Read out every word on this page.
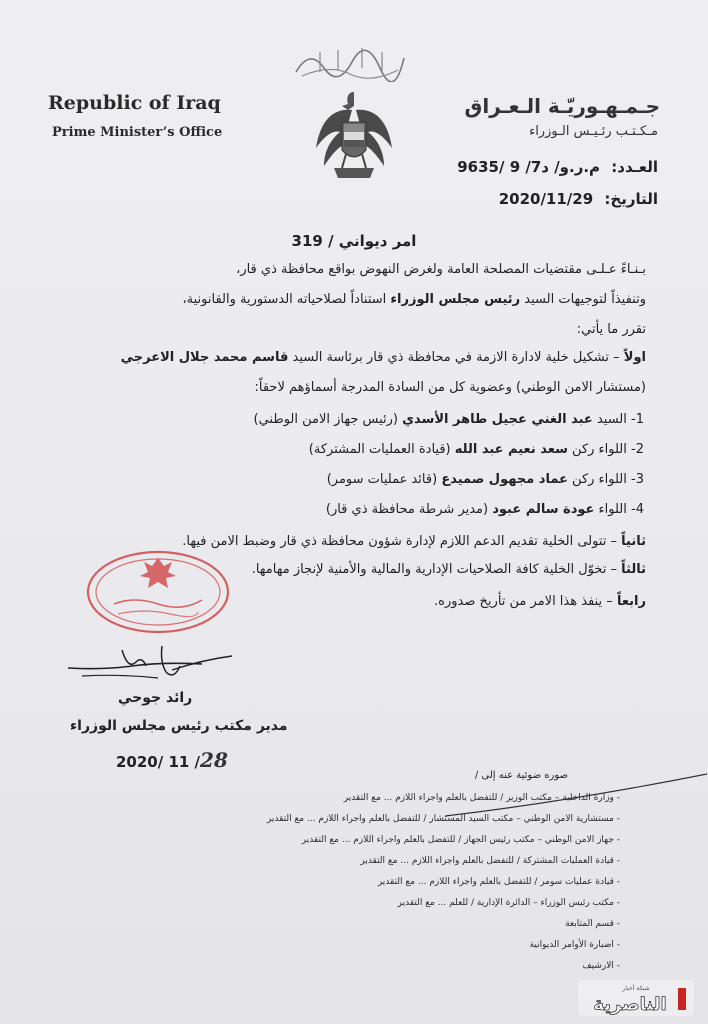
Republic of Iraq
Prime Minister’s Office
جـمـهـوريّـة الـعـراق
مـكـتـب رئـيـس الـوزراء
العـدد: م.ر.و/ د7/ 9 /9635
التاريخ: 2020/11/29
امر ديواني / 319
بـنـاءً عـلـى مقتضيات المصلحة العامة ولغرض النهوض بواقع محافظة ذي قار،
وتنفيذاً لتوجيهات السيد رئيس مجلس الوزراء استناداً لصلاحياته الدستورية والقانونية،
تقرر ما يأتي:
اولاً – تشكيل خلية لادارة الازمة في محافظة ذي قار برئاسة السيد قاسم محمد جلال الاعرجي
(مستشار الامن الوطني) وعضوية كل من السادة المدرجة أسماؤهم لاحقاً:
1- السيد عبد الغني عجيل طاهر الأسدي (رئيس جهاز الامن الوطني)
2- اللواء ركن سعد نعيم عبد الله (قيادة العمليات المشتركة)
3- اللواء ركن عماد مجهول صميدع (قائد عمليات سومر)
4- اللواء عودة سالم عبود (مدير شرطة محافظة ذي قار)
ثانياً – تتولى الخلية تقديم الدعم اللازم لإدارة شؤون محافظة ذي قار وضبط الامن فيها.
ثالثاً – تخوّل الخلية كافة الصلاحيات الإدارية والمالية والأمنية لإنجاز مهامها.
رابعاً – ينفذ هذا الامر من تأريخ صدوره.
رائد جوحي
مدير مكتب رئيس مجلس الوزراء
2020/ 11 /28
صوره ضوئية عنه إلى /
- وزارة الداخلية – مكتب الوزير / للتفضل بالعلم واجراء اللازم ... مع التقدير
- مستشارية الامن الوطني – مكتب السيد المستشار / للتفضل بالعلم واجراء اللازم ... مع التقدير
- جهاز الامن الوطني – مكتب رئيس الجهاز / للتفضل بالعلم واجراء اللازم ... مع التقدير
- قيادة العمليات المشتركة / للتفضل بالعلم واجراء اللازم ... مع التقدير
- قيادة عمليات سومر / للتفضل بالعلم واجراء اللازم ... مع التقدير
- مكتب رئيس الوزراء – الدائرة الإدارية / للعلم ... مع التقدير
- قسم المتابعة
- اضبارة الأوامر الديوانية
- الارشيف
شبكة أخبار
الناصرية
